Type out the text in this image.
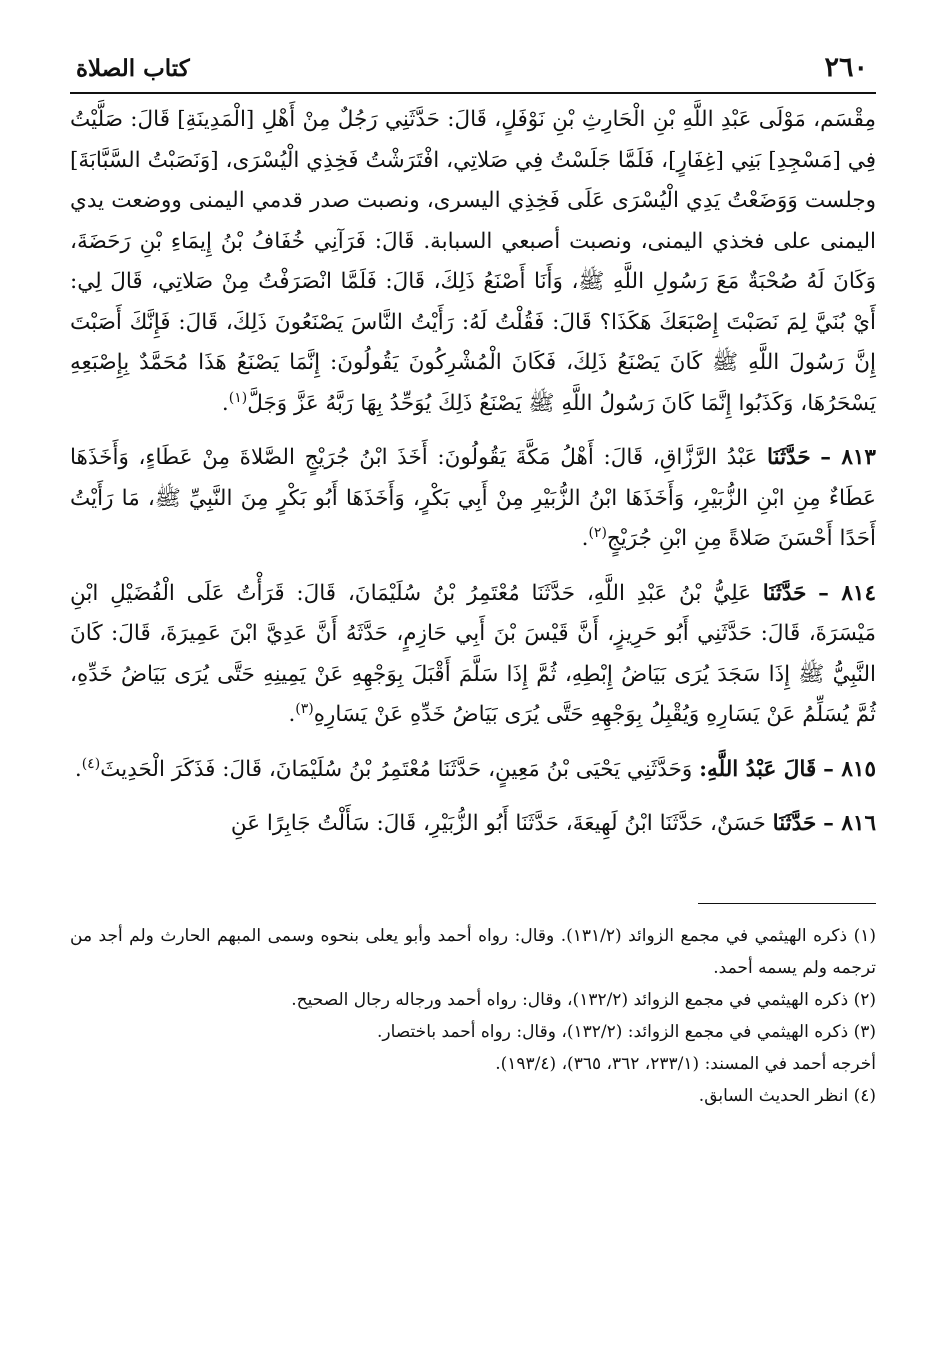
٢٦٠
كتاب الصلاة

مِقْسَم، مَوْلَى عَبْدِ اللَّهِ بْنِ الْحَارِثِ بْنِ نَوْفَلٍ، قَالَ: حَدَّثَنِي رَجُلٌ مِنْ أَهْلِ [الْمَدِينَةِ] قَالَ: صَلَّيْتُ فِي [مَسْجِدِ] بَنِي [غِفَارٍ]، فَلَمَّا جَلَسْتُ فِي صَلاتِي، افْتَرَشْتُ فَخِذِي الْيُسْرَى، [وَنَصَبْتُ السَّبَّابَةَ] وجلست وَوَضَعْتُ يَدِي الْيُسْرَى عَلَى فَخِذِي اليسرى، ونصبت صدر قدمي اليمنى ووضعت يدي اليمنى على فخذي اليمنى، ونصبت أصبعي السبابة. قَالَ: فَرَآنِي خُفَافُ بْنُ إِيمَاءِ بْنِ رَحَضَةَ، وَكَانَ لَهُ صُحْبَةٌ مَعَ رَسُولِ اللَّهِ ﷺ، وَأَنَا أَصْنَعُ ذَلِكَ، قَالَ: فَلَمَّا انْصَرَفْتُ مِنْ صَلاتِي، قَالَ لِي: أَيْ بُنَيَّ لِمَ نَصَبْتَ إِصْبَعَكَ هَكَذَا؟ قَالَ: فَقُلْتُ لَهُ: رَأَيْتُ النَّاسَ يَصْنَعُونَ ذَلِكَ، قَالَ: فَإِنَّكَ أَصَبْتَ إِنَّ رَسُولَ اللَّهِ ﷺ كَانَ يَصْنَعُ ذَلِكَ، فَكَانَ الْمُشْرِكُونَ يَقُولُونَ: إِنَّمَا يَصْنَعُ هَذَا مُحَمَّدٌ بِإِصْبَعِهِ يَسْحَرُهَا، وَكَذَبُوا إِنَّمَا كَانَ رَسُولُ اللَّهِ ﷺ يَصْنَعُ ذَلِكَ يُوَحِّدُ بِهَا رَبَّهُ عَزَّ وَجَلَّ$^{(١)}$.

٨١٣ – حَدَّثَنَا عَبْدُ الرَّزَّاقِ، قَالَ: أَهْلُ مَكَّةَ يَقُولُونَ: أَخَذَ ابْنُ جُرَيْجٍ الصَّلاةَ مِنْ عَطَاءٍ، وَأَخَذَهَا عَطَاءٌ مِنِ ابْنِ الزُّبَيْرِ، وَأَخَذَهَا ابْنُ الزُّبَيْرِ مِنْ أَبِي بَكْرٍ، وَأَخَذَهَا أَبُو بَكْرٍ مِنَ النَّبِيِّ ﷺ، مَا رَأَيْتُ أَحَدًا أَحْسَنَ صَلاةً مِنِ ابْنِ جُرَيْجٍ$^{(٢)}$.

٨١٤ – حَدَّثَنَا عَلِيُّ بْنُ عَبْدِ اللَّهِ، حَدَّثَنَا مُعْتَمِرُ بْنُ سُلَيْمَانَ، قَالَ: قَرَأْتُ عَلَى الْفُضَيْلِ ابْنِ مَيْسَرَةَ، قَالَ: حَدَّثَنِي أَبُو حَرِيزٍ، أَنَّ قَيْسَ بْنَ أَبِي حَازِمٍ، حَدَّثَهُ أَنَّ عَدِيَّ ابْنَ عَمِيرَةَ، قَالَ: كَانَ النَّبِيُّ ﷺ إِذَا سَجَدَ يُرَى بَيَاضُ إِبْطِهِ، ثُمَّ إِذَا سَلَّمَ أَقْبَلَ بِوَجْهِهِ عَنْ يَمِينِهِ حَتَّى يُرَى بَيَاضُ خَدِّهِ، ثُمَّ يُسَلِّمُ عَنْ يَسَارِهِ وَيُقْبِلُ بِوَجْهِهِ حَتَّى يُرَى بَيَاضُ خَدِّهِ عَنْ يَسَارِهِ$^{(٣)}$.

٨١٥ – قَالَ عَبْدُ اللَّهِ: وَحَدَّثَنِي يَحْيَى بْنُ مَعِينٍ، حَدَّثَنَا مُعْتَمِرُ بْنُ سُلَيْمَانَ، قَالَ: فَذَكَرَ الْحَدِيثَ$^{(٤)}$.

٨١٦ – حَدَّثَنَا حَسَنٌ، حَدَّثَنَا ابْنُ لَهِيعَةَ، حَدَّثَنَا أَبُو الزُّبَيْرِ، قَالَ: سَأَلْتُ جَابِرًا عَنِ

(١) ذكره الهيثمي في مجمع الزوائد (١٣١/٢). وقال: رواه أحمد وأبو يعلى بنحوه وسمى المبهم الحارث ولم أجد من ترجمه ولم يسمه أحمد.

(٢) ذكره الهيثمي في مجمع الزوائد (١٣٢/٢)، وقال: رواه أحمد ورجاله رجال الصحيح.

(٣) ذكره الهيثمي في مجمع الزوائد: (١٣٢/٢)، وقال: رواه أحمد باختصار.

أخرجه أحمد في المسند: (٢٣٣/١، ٣٦٢، ٣٦٥)، (١٩٣/٤).

(٤) انظر الحديث السابق.
